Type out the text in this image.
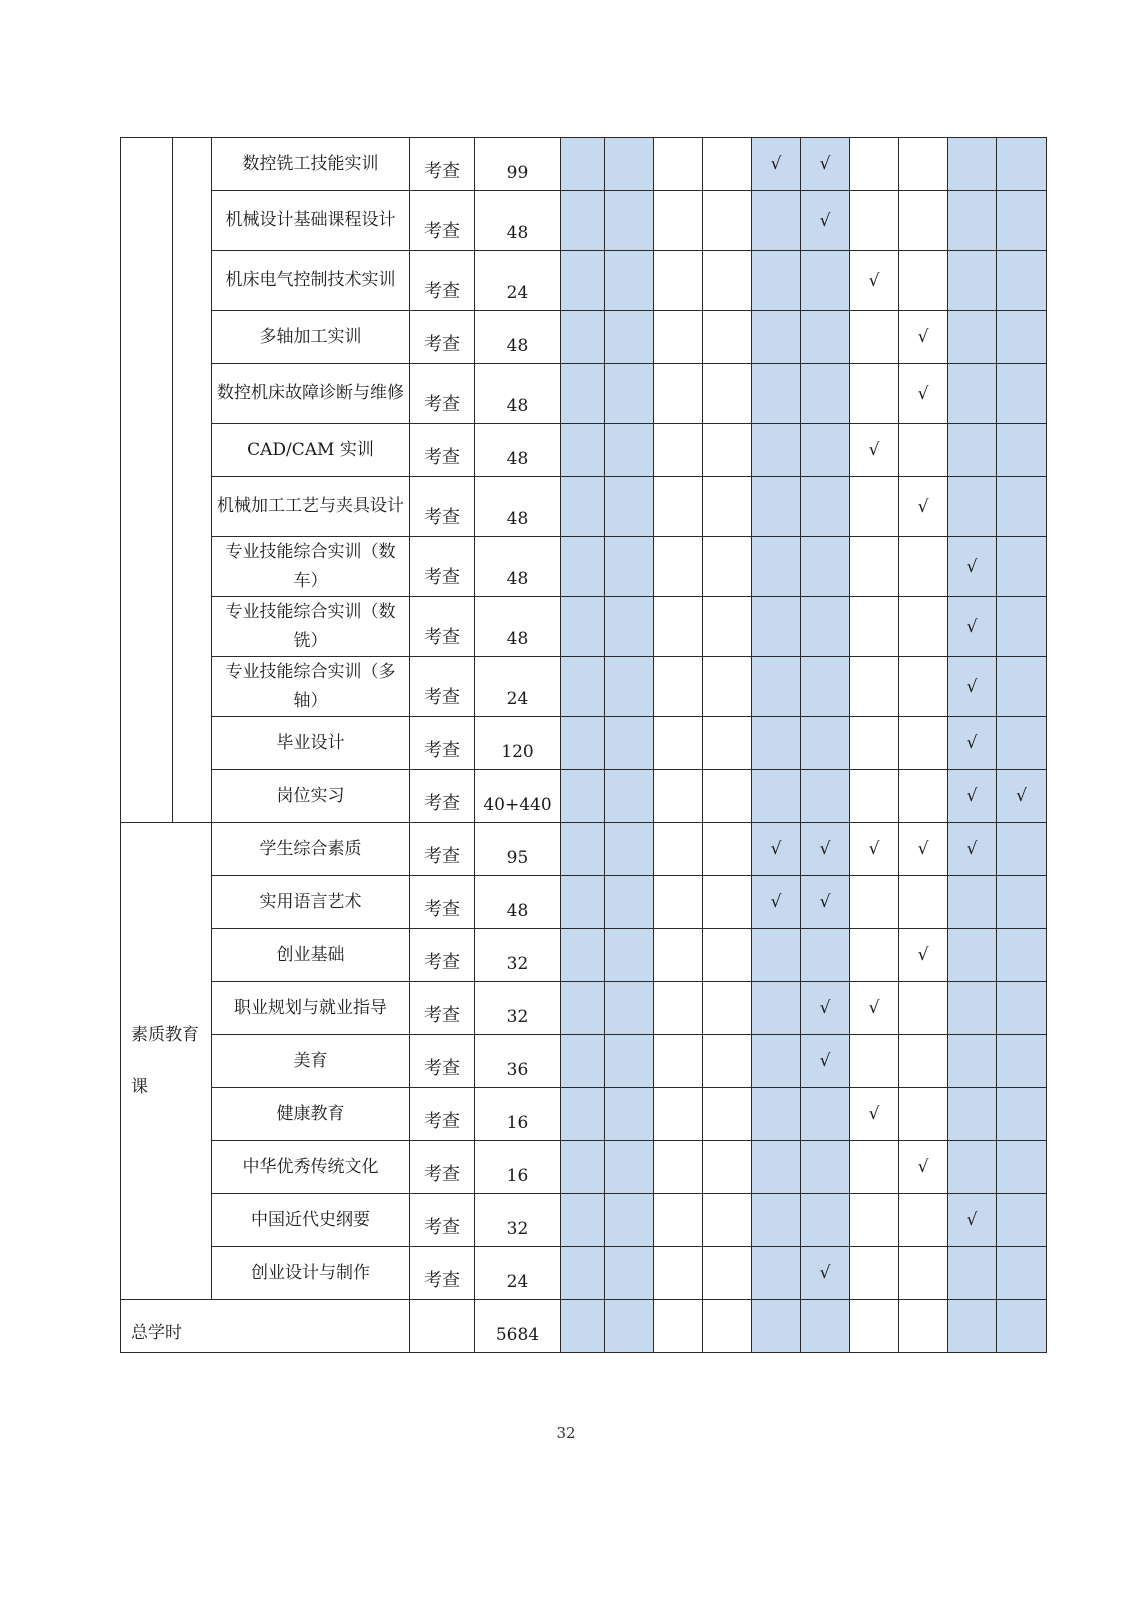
		数控铣工技能实训	考查	99					√	√				
		机械设计基础课程设计	考查	48						√				
		机床电气控制技术实训	考查	24							√			
		多轴加工实训	考查	48								√		
		数控机床故障诊断与维修	考查	48								√		
		CAD/CAM 实训	考查	48							√			
		机械加工工艺与夹具设计	考查	48								√		
		专业技能综合实训（数车）	考查	48									√	
		专业技能综合实训（数铣）	考查	48									√	
		专业技能综合实训（多轴）	考查	24									√	
		毕业设计	考查	120									√	
		岗位实习	考查	40+440									√	√
素质教育课		学生综合素质	考查	95					√	√	√	√	√	
		实用语言艺术	考查	48					√	√				
		创业基础	考查	32								√		
		职业规划与就业指导	考查	32						√	√			
		美育	考查	36						√				
		健康教育	考查	16							√			
		中华优秀传统文化	考查	16								√		
		中国近代史纲要	考查	32									√	
		创业设计与制作	考查	24						√				
总学时				5684										
32
